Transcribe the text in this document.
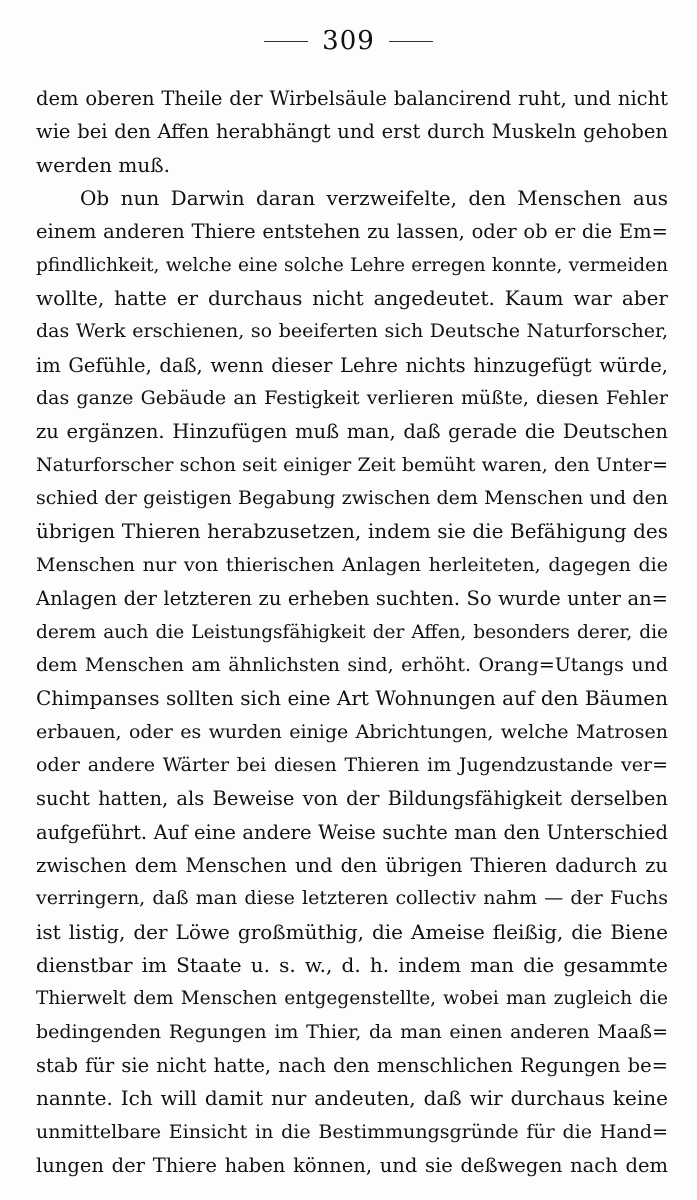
309
dem oberen Theile der Wirbelsäule balancirend ruht, und nicht
wie bei den Affen herabhängt und erst durch Muskeln gehoben
werden muß.
Ob nun Darwin daran verzweifelte, den Menschen aus
einem anderen Thiere entstehen zu lassen, oder ob er die Em=
pfindlichkeit, welche eine solche Lehre erregen konnte, vermeiden
wollte, hatte er durchaus nicht angedeutet. Kaum war aber
das Werk erschienen, so beeiferten sich Deutsche Naturforscher,
im Gefühle, daß, wenn dieser Lehre nichts hinzugefügt würde,
das ganze Gebäude an Festigkeit verlieren müßte, diesen Fehler
zu ergänzen. Hinzufügen muß man, daß gerade die Deutschen
Naturforscher schon seit einiger Zeit bemüht waren, den Unter=
schied der geistigen Begabung zwischen dem Menschen und den
übrigen Thieren herabzusetzen, indem sie die Befähigung des
Menschen nur von thierischen Anlagen herleiteten, dagegen die
Anlagen der letzteren zu erheben suchten. So wurde unter an=
derem auch die Leistungsfähigkeit der Affen, besonders derer, die
dem Menschen am ähnlichsten sind, erhöht. Orang=Utangs und
Chimpanses sollten sich eine Art Wohnungen auf den Bäumen
erbauen, oder es wurden einige Abrichtungen, welche Matrosen
oder andere Wärter bei diesen Thieren im Jugendzustande ver=
sucht hatten, als Beweise von der Bildungsfähigkeit derselben
aufgeführt. Auf eine andere Weise suchte man den Unterschied
zwischen dem Menschen und den übrigen Thieren dadurch zu
verringern, daß man diese letzteren collectiv nahm — der Fuchs
ist listig, der Löwe großmüthig, die Ameise fleißig, die Biene
dienstbar im Staate u. s. w., d. h. indem man die gesammte
Thierwelt dem Menschen entgegenstellte, wobei man zugleich die
bedingenden Regungen im Thier, da man einen anderen Maaß=
stab für sie nicht hatte, nach den menschlichen Regungen be=
nannte. Ich will damit nur andeuten, daß wir durchaus keine
unmittelbare Einsicht in die Bestimmungsgründe für die Hand=
lungen der Thiere haben können, und sie deßwegen nach dem
